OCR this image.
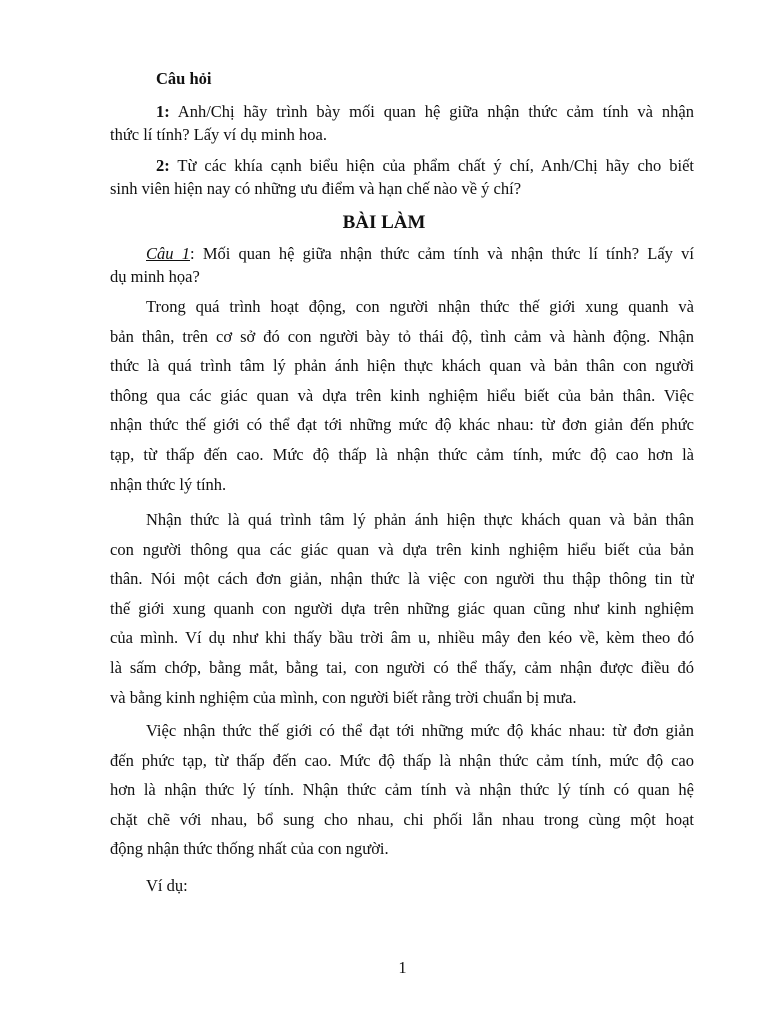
Câu hỏi
1: Anh/Chị hãy trình bày mối quan hệ giữa nhận thức cảm tính và nhận
thức lí tính? Lấy ví dụ minh hoa.
2: Từ các khía cạnh biểu hiện của phẩm chất ý chí, Anh/Chị hãy cho biết
sinh viên hiện nay có những ưu điểm và hạn chế nào về ý chí?
BÀI LÀM
Câu 1: Mối quan hệ giữa nhận thức cảm tính và nhận thức lí tính? Lấy ví
dụ minh họa?
Trong quá trình hoạt động, con người nhận thức thế giới xung quanh và
bản thân, trên cơ sở đó con người bày tỏ thái độ, tình cảm và hành động. Nhận
thức là quá trình tâm lý phản ánh hiện thực khách quan và bản thân con người
thông qua các giác quan và dựa trên kinh nghiệm hiểu biết của bản thân. Việc
nhận thức thế giới có thể đạt tới những mức độ khác nhau: từ đơn giản đến phức
tạp, từ thấp đến cao. Mức độ thấp là nhận thức cảm tính, mức độ cao hơn là
nhận thức lý tính.
Nhận thức là quá trình tâm lý phản ánh hiện thực khách quan và bản thân
con người thông qua các giác quan và dựa trên kinh nghiệm hiểu biết của bản
thân. Nói một cách đơn giản, nhận thức là việc con người thu thập thông tin từ
thế giới xung quanh con người dựa trên những giác quan cũng như kinh nghiệm
của mình. Ví dụ như khi thấy bầu trời âm u, nhiều mây đen kéo về, kèm theo đó
là sấm chớp, bằng mắt, bằng tai, con người có thể thấy, cảm nhận được điều đó
và bằng kinh nghiệm của mình, con người biết rằng trời chuẩn bị mưa.
Việc nhận thức thế giới có thể đạt tới những mức độ khác nhau: từ đơn giản
đến phức tạp, từ thấp đến cao. Mức độ thấp là nhận thức cảm tính, mức độ cao
hơn là nhận thức lý tính. Nhận thức cảm tính và nhận thức lý tính có quan hệ
chặt chẽ với nhau, bổ sung cho nhau, chi phối lẫn nhau trong cùng một hoạt
động nhận thức thống nhất của con người.
Ví dụ:
1
